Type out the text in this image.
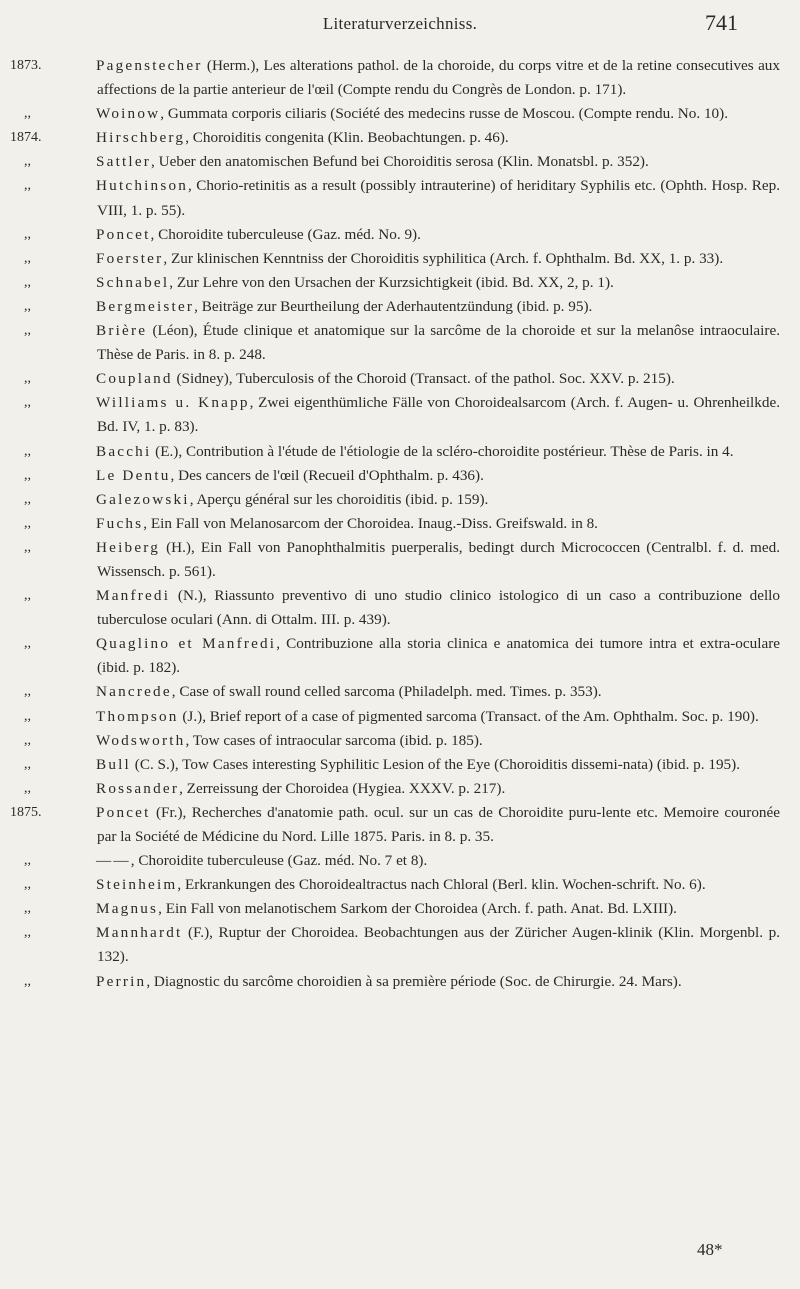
Literaturverzeichniss.	741
1873.	Pagenstecher (Herm.), Les alterations pathol. de la choroide, du corps vitre et de la retine consecutives aux affections de la partie anterieur de l'œil (Compte rendu du Congrès de London. p. 171).
,,	Woinow, Gummata corporis ciliaris (Société des medecins russe de Moscou. (Compte rendu. No. 10).
1874.	Hirschberg, Choroiditis congenita (Klin. Beobachtungen. p. 46).
,,	Sattler, Ueber den anatomischen Befund bei Choroiditis serosa (Klin. Monatsbl. p. 352).
,,	Hutchinson, Chorio-retinitis as a result (possibly intrauterine) of heriditary Syphilis etc. (Ophth. Hosp. Rep. VIII, 1. p. 55).
,,	Poncet, Choroidite tuberculeuse (Gaz. méd. No. 9).
,,	Foerster, Zur klinischen Kenntniss der Choroiditis syphilitica (Arch. f. Ophthalm. Bd. XX, 1. p. 33).
,,	Schnabel, Zur Lehre von den Ursachen der Kurzsichtigkeit (ibid. Bd. XX, 2, p. 1).
,,	Bergmeister, Beiträge zur Beurtheilung der Aderhautentzündung (ibid. p. 95).
,,	Brière (Léon), Étude clinique et anatomique sur la sarcôme de la choroide et sur la melanôse intraoculaire. Thèse de Paris. in 8. p. 248.
,,	Coupland (Sidney), Tuberculosis of the Choroid (Transact. of the pathol. Soc. XXV. p. 215).
,,	Williams u. Knapp, Zwei eigenthümliche Fälle von Choroidealsarcom (Arch. f. Augen- u. Ohrenheilkde. Bd. IV, 1. p. 83).
,,	Bacchi (E.), Contribution à l'étude de l'étiologie de la scléro-choroidite postérieur. Thèse de Paris. in 4.
,,	Le Dentu, Des cancers de l'œil (Recueil d'Ophthalm. p. 436).
,,	Galezowski, Aperçu général sur les choroiditis (ibid. p. 159).
,,	Fuchs, Ein Fall von Melanosarcom der Choroidea. Inaug.-Diss. Greifswald. in 8.
,,	Heiberg (H.), Ein Fall von Panophthalmitis puerperalis, bedingt durch Micrococcen (Centralbl. f. d. med. Wissensch. p. 561).
,,	Manfredi (N.), Riassunto preventivo di uno studio clinico istologico di un caso a contribuzione dello tuberculose oculari (Ann. di Ottalm. III. p. 439).
,,	Quaglino et Manfredi, Contribuzione alla storia clinica e anatomica dei tumore intra et extra-oculare (ibid. p. 182).
,,	Nancrede, Case of swall round celled sarcoma (Philadelph. med. Times. p. 353).
,,	Thompson (J.), Brief report of a case of pigmented sarcoma (Transact. of the Am. Ophthalm. Soc. p. 190).
,,	Wodsworth, Tow cases of intraocular sarcoma (ibid. p. 185).
,,	Bull (C. S.), Tow Cases interesting Syphilitic Lesion of the Eye (Choroiditis dissemi-nata) (ibid. p. 195).
,,	Rossander, Zerreissung der Choroidea (Hygiea. XXXV. p. 217).
1875.	Poncet (Fr.), Recherches d'anatomie path. ocul. sur un cas de Choroidite puru-lente etc. Memoire couronée par la Société de Médicine du Nord. Lille 1875. Paris. in 8. p. 35.
,,	——, Choroidite tuberculeuse (Gaz. méd. No. 7 et 8).
,,	Steinheim, Erkrankungen des Choroidealtractus nach Chloral (Berl. klin. Wochen-schrift. No. 6).
,,	Magnus, Ein Fall von melanotischem Sarkom der Choroidea (Arch. f. path. Anat. Bd. LXIII).
,,	Mannhardt (F.), Ruptur der Choroidea. Beobachtungen aus der Züricher Augen-klinik (Klin. Morgenbl. p. 132).
,,	Perrin, Diagnostic du sarcôme choroidien à sa première période (Soc. de Chirurgie. 24. Mars).
48*
